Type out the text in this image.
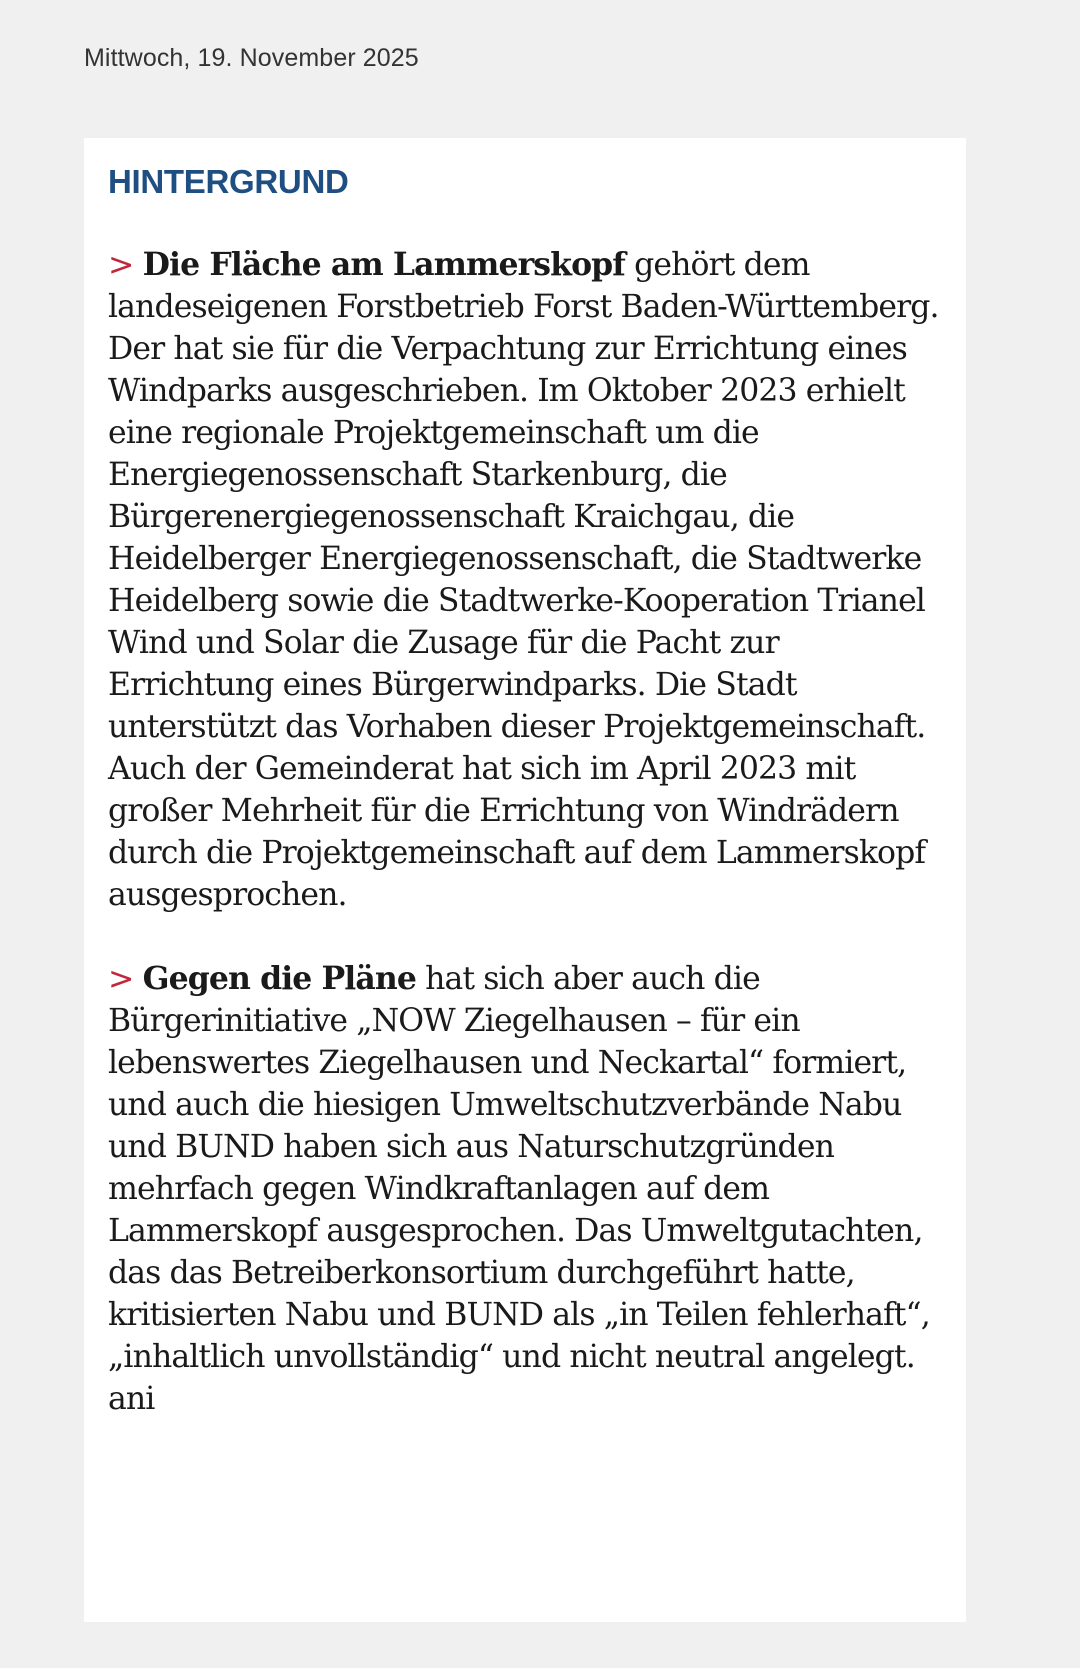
Mittwoch, 19. November 2025
HINTERGRUND

> Die Fläche am Lammerskopf gehört dem landeseigenen Forstbetrieb Forst Baden-Württemberg. Der hat sie für die Verpachtung zur Errichtung eines Windparks ausgeschrieben. Im Oktober 2023 erhielt eine regionale Projektgemeinschaft um die Energiegenossenschaft Starkenburg, die Bürgerenergiegenossenschaft Kraichgau, die Heidelberger Energiegenossenschaft, die Stadtwerke Heidelberg sowie die Stadtwerke-Kooperation Trianel Wind und Solar die Zusage für die Pacht zur Errichtung eines Bürgerwindparks. Die Stadt unterstützt das Vorhaben dieser Projektgemeinschaft. Auch der Gemeinderat hat sich im April 2023 mit großer Mehrheit für die Errichtung von Windrädern durch die Projektgemeinschaft auf dem Lammerskopf ausgesprochen.

> Gegen die Pläne hat sich aber auch die Bürgerinitiative „NOW Ziegelhausen – für ein lebenswertes Ziegelhausen und Neckartal“ formiert, und auch die hiesigen Umweltschutzverbände Nabu und BUND haben sich aus Naturschutzgründen mehrfach gegen Windkraftanlagen auf dem Lammerskopf ausgesprochen. Das Umweltgutachten, das das Betreiberkonsortium durchgeführt hatte, kritisierten Nabu und BUND als „in Teilen fehlerhaft“, „inhaltlich unvollständig“ und nicht neutral angelegt. ani
